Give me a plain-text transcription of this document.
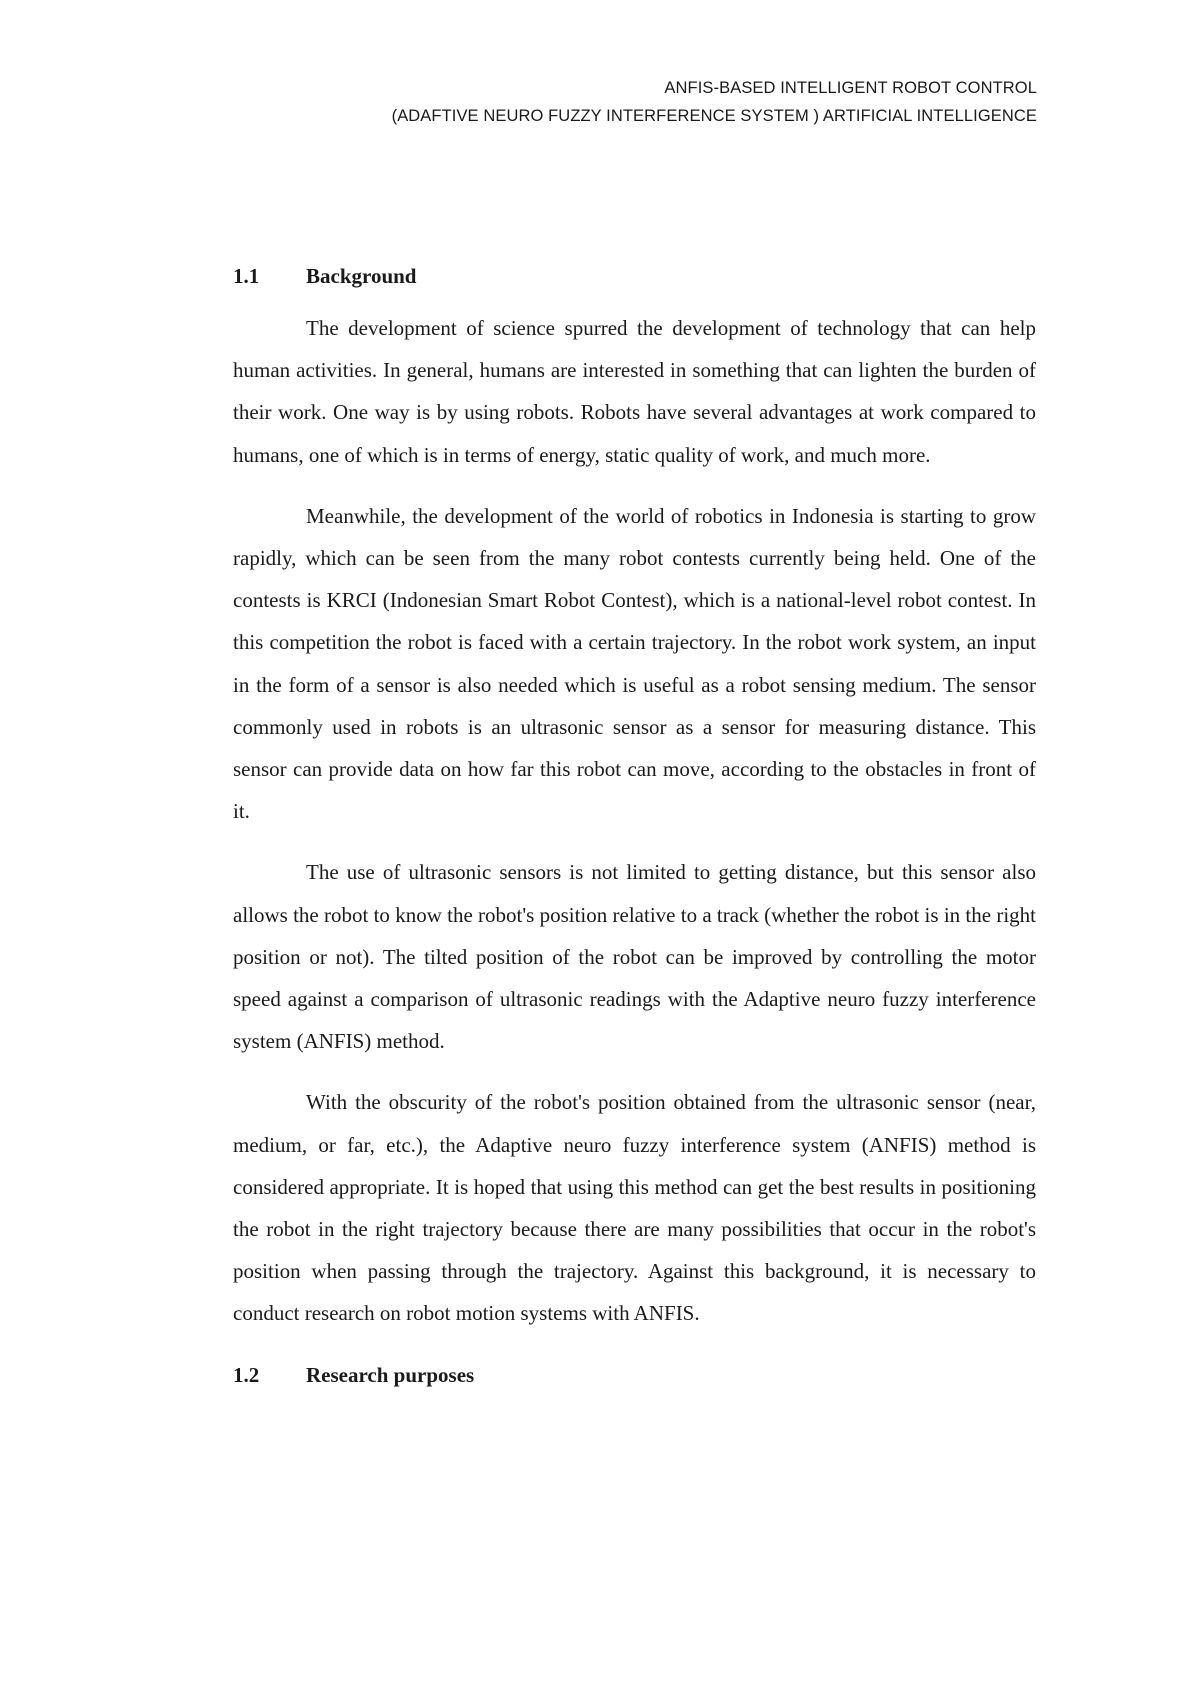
ANFIS-BASED INTELLIGENT ROBOT CONTROL
(ADAFTIVE NEURO FUZZY INTERFERENCE SYSTEM ) ARTIFICIAL INTELLIGENCE
1.1	Background

The development of science spurred the development of technology that can help human activities. In general, humans are interested in something that can lighten the burden of their work. One way is by using robots. Robots have several advantages at work compared to humans, one of which is in terms of energy, static quality of work, and much more.

Meanwhile, the development of the world of robotics in Indonesia is starting to grow rapidly, which can be seen from the many robot contests currently being held. One of the contests is KRCI (Indonesian Smart Robot Contest), which is a national-level robot contest. In this competition the robot is faced with a certain trajectory. In the robot work system, an input in the form of a sensor is also needed which is useful as a robot sensing medium. The sensor commonly used in robots is an ultrasonic sensor as a sensor for measuring distance. This sensor can provide data on how far this robot can move, according to the obstacles in front of it.

The use of ultrasonic sensors is not limited to getting distance, but this sensor also allows the robot to know the robot's position relative to a track (whether the robot is in the right position or not). The tilted position of the robot can be improved by controlling the motor speed against a comparison of ultrasonic readings with the Adaptive neuro fuzzy interference system (ANFIS) method.

With the obscurity of the robot's position obtained from the ultrasonic sensor (near, medium, or far, etc.), the Adaptive neuro fuzzy interference system (ANFIS) method is considered appropriate. It is hoped that using this method can get the best results in positioning the robot in the right trajectory because there are many possibilities that occur in the robot's position when passing through the trajectory. Against this background, it is necessary to conduct research on robot motion systems with ANFIS.

1.2	Research purposes
